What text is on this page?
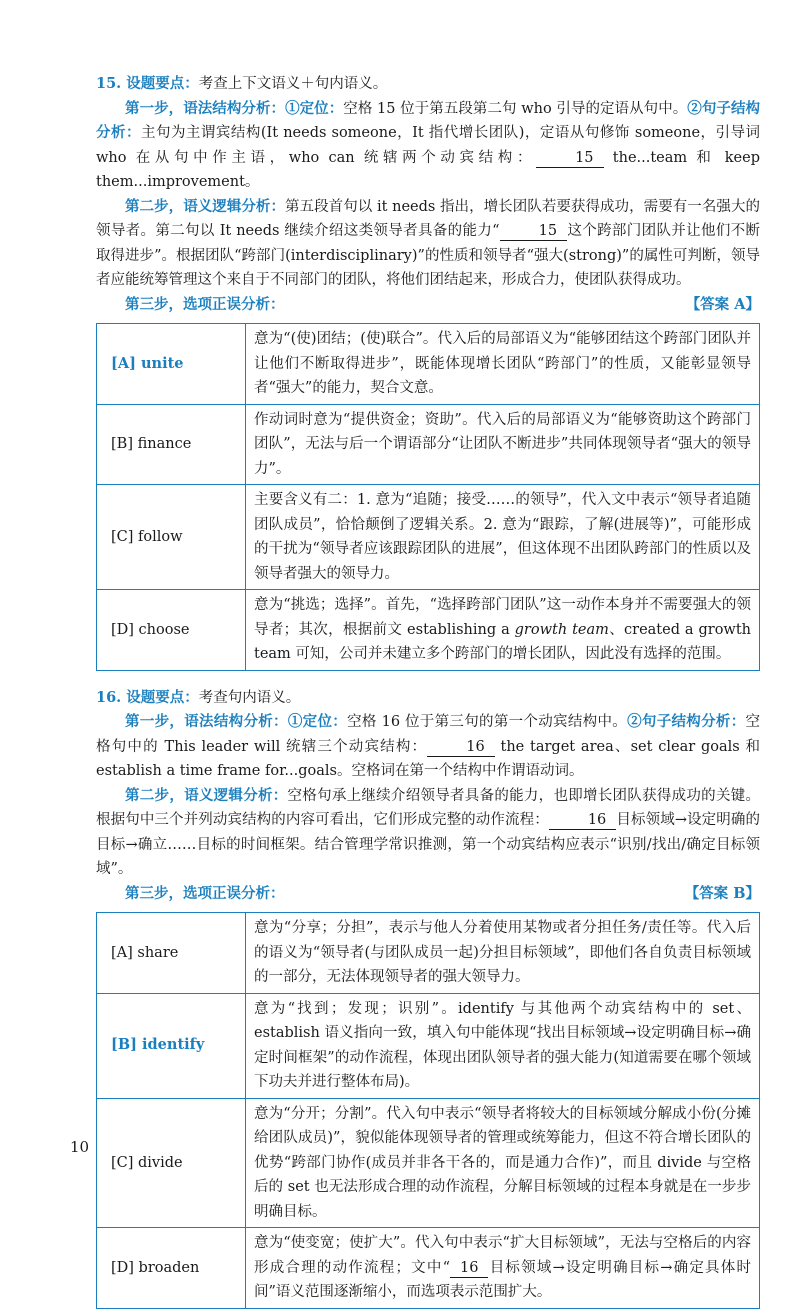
15. 设题要点：考查上下文语义＋句内语义。

第一步，语法结构分析：①定位：空格 15 位于第五段第二句 who 引导的定语从句中。②句子结构分析：主句为主谓宾结构(It needs someone，It 指代增长团队)，定语从句修饰 someone，引导词 who 在从句中作主语，who can 统辖两个动宾结构：	15 the...team 和 keep them...improvement。

第二步，语义逻辑分析：第五段首句以 it needs 指出，增长团队若要获得成功，需要有一名强大的领导者。第二句以 It needs 继续介绍这类领导者具备的能力“	15 这个跨部门团队并让他们不断取得进步”。根据团队“跨部门(interdisciplinary)”的性质和领导者“强大(strong)”的属性可判断，领导者应能统筹管理这个来自于不同部门的团队，将他们团结起来，形成合力，使团队获得成功。

第三步，选项正误分析：	【答案 A】
[A] unite	意为“(使)团结；(使)联合”。代入后的局部语义为“能够团结这个跨部门团队并让他们不断取得进步”，既能体现增长团队“跨部门”的性质，又能彰显领导者“强大”的能力，契合文意。
[B] finance	作动词时意为“提供资金；资助”。代入后的局部语义为“能够资助这个跨部门团队”，无法与后一个谓语部分“让团队不断进步”共同体现领导者“强大的领导力”。
[C] follow	主要含义有二：1. 意为“追随；接受……的领导”，代入文中表示“领导者追随团队成员”，恰恰颠倒了逻辑关系。2. 意为“跟踪，了解(进展等)”，可能形成的干扰为“领导者应该跟踪团队的进展”，但这体现不出团队跨部门的性质以及领导者强大的领导力。
[D] choose	意为“挑选；选择”。首先，“选择跨部门团队”这一动作本身并不需要强大的领导者；其次，根据前文 establishing a growth team、created a growth team 可知，公司并未建立多个跨部门的增长团队，因此没有选择的范围。

16. 设题要点：考查句内语义。

第一步，语法结构分析：①定位：空格 16 位于第三句的第一个动宾结构中。②句子结构分析：空格句中的 This leader will 统辖三个动宾结构：	16 the target area、set clear goals 和 establish a time frame for...goals。空格词在第一个结构中作谓语动词。

第二步，语义逻辑分析：空格句承上继续介绍领导者具备的能力，也即增长团队获得成功的关键。根据句中三个并列动宾结构的内容可看出，它们形成完整的动作流程：	16 目标领域→设定明确的目标→确立……目标的时间框架。结合管理学常识推测，第一个动宾结构应表示“识别/找出/确定目标领域”。

第三步，选项正误分析：	【答案 B】
[A] share	意为“分享；分担”，表示与他人分着使用某物或者分担任务/责任等。代入后的语义为“领导者(与团队成员一起)分担目标领域”，即他们各自负责目标领域的一部分，无法体现领导者的强大领导力。
[B] identify	意为“找到；发现；识别”。identify 与其他两个动宾结构中的 set、establish 语义指向一致，填入句中能体现“找出目标领域→设定明确目标→确定时间框架”的动作流程，体现出团队领导者的强大能力(知道需要在哪个领域下功夫并进行整体布局)。
[C] divide	意为“分开；分割”。代入句中表示“领导者将较大的目标领域分解成小份(分摊给团队成员)”，貌似能体现领导者的管理或统筹能力，但这不符合增长团队的优势“跨部门协作(成员并非各干各的，而是通力合作)”，而且 divide 与空格后的 set 也无法形成合理的动作流程，分解目标领域的过程本身就是在一步步明确目标。
[D] broaden	意为“使变宽；使扩大”。代入句中表示“扩大目标领域”，无法与空格后的内容形成合理的动作流程；文中“ 16 目标领域→设定明确目标→确定具体时间”语义范围逐渐缩小，而选项表示范围扩大。
10
